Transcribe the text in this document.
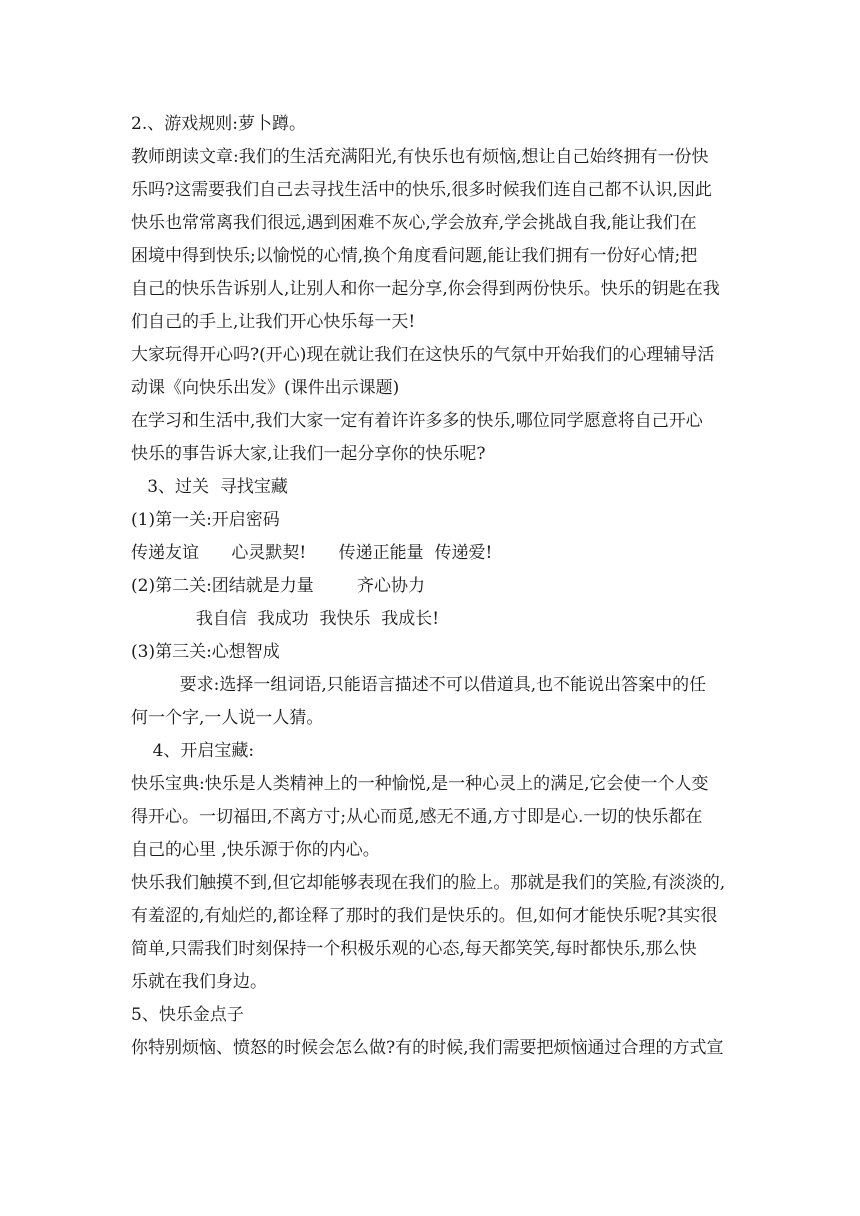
2.、游戏规则:萝卜蹲。
教师朗读文章:我们的生活充满阳光,有快乐也有烦恼,想让自己始终拥有一份快
乐吗?这需要我们自己去寻找生活中的快乐,很多时候我们连自己都不认识,因此
快乐也常常离我们很远,遇到困难不灰心,学会放弃,学会挑战自我,能让我们在
困境中得到快乐;以愉悦的心情,换个角度看问题,能让我们拥有一份好心情;把
自己的快乐告诉别人,让别人和你一起分享,你会得到两份快乐。快乐的钥匙在我
们自己的手上,让我们开心快乐每一天!
大家玩得开心吗?(开心)现在就让我们在这快乐的气氛中开始我们的心理辅导活
动课《向快乐出发》(课件出示课题)
在学习和生活中,我们大家一定有着许许多多的快乐,哪位同学愿意将自己开心
快乐的事告诉大家,让我们一起分享你的快乐呢?
3、过关  寻找宝藏
(1)第一关:开启密码
传递友谊      心灵默契!      传递正能量  传递爱!
(2)第二关:团结就是力量        齐心协力
我自信  我成功  我快乐  我成长!
(3)第三关:心想智成
要求:选择一组词语,只能语言描述不可以借道具,也不能说出答案中的任
何一个字,一人说一人猜。
4、开启宝藏:
快乐宝典:快乐是人类精神上的一种愉悦,是一种心灵上的满足,它会使一个人变
得开心。一切福田,不离方寸;从心而觅,感无不通,方寸即是心.一切的快乐都在
自己的心里 ,快乐源于你的内心。
快乐我们触摸不到,但它却能够表现在我们的脸上。那就是我们的笑脸,有淡淡的,
有羞涩的,有灿烂的,都诠释了那时的我们是快乐的。但,如何才能快乐呢?其实很
简单,只需我们时刻保持一个积极乐观的心态,每天都笑笑,每时都快乐,那么快
乐就在我们身边。
5、快乐金点子
你特别烦恼、愤怒的时候会怎么做?有的时候,我们需要把烦恼通过合理的方式宣
